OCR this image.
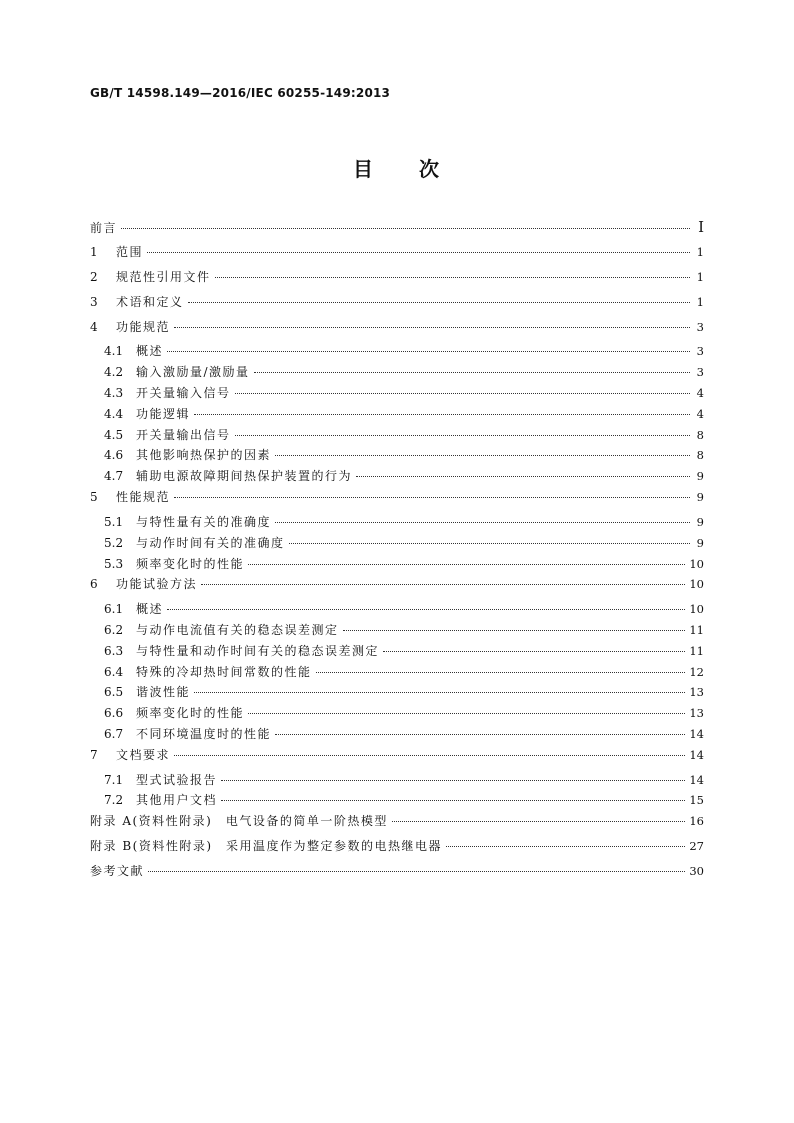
GB/T 14598.149—2016/IEC 60255-149:2013
目　　次
前言	Ⅰ
1	范围	1
2	规范性引用文件	1
3	术语和定义	1
4	功能规范	3
4.1	概述	3
4.2	输入激励量/激励量	3
4.3	开关量输入信号	4
4.4	功能逻辑	4
4.5	开关量输出信号	8
4.6	其他影响热保护的因素	8
4.7	辅助电源故障期间热保护装置的行为	9
5	性能规范	9
5.1	与特性量有关的准确度	9
5.2	与动作时间有关的准确度	9
5.3	频率变化时的性能	10
6	功能试验方法	10
6.1	概述	10
6.2	与动作电流值有关的稳态误差测定	11
6.3	与特性量和动作时间有关的稳态误差测定	11
6.4	特殊的冷却热时间常数的性能	12
6.5	谐波性能	13
6.6	频率变化时的性能	13
6.7	不同环境温度时的性能	14
7	文档要求	14
7.1	型式试验报告	14
7.2	其他用户文档	15
附录 A(资料性附录)　电气设备的简单一阶热模型	16
附录 B(资料性附录)　采用温度作为整定参数的电热继电器	27
参考文献	30
